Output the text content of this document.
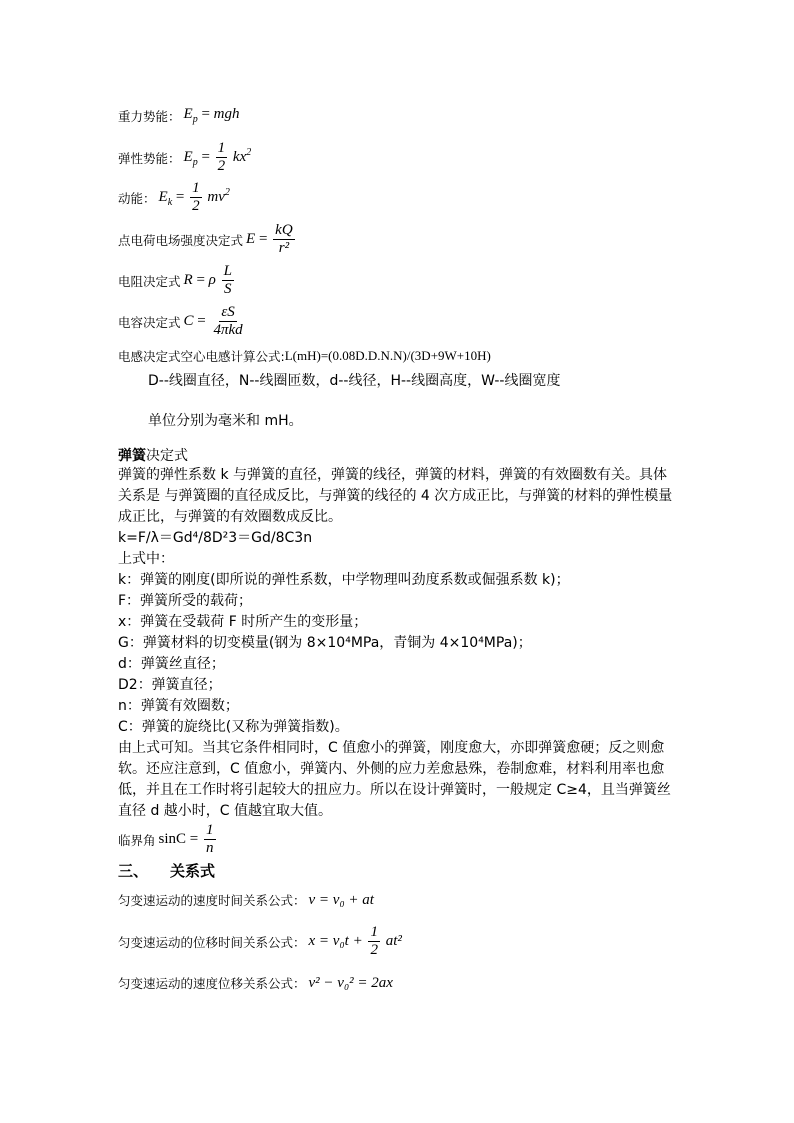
重力势能： $E_p$ = mgh
弹性势能： $E_p = \frac{1}{2} kx^2$
动能： $E_k = \frac{1}{2} mv^2$
点电荷电场强度决定式 $E = \frac{kQ}{\text{r²}}$
电阻决定式 R = ρ $\frac{L}{S}$
电容决定式 $C = \frac{\varepsilon S}{\text{4πkd}}$
电感决定式空心电感计算公式: L(mH)=(0.08D.D.N.N)/(3D+9W+10H)
D--线圈直径，N--线圈匝数，d--线径，H--线圈高度，W--线圈宽度
单位分别为毫米和 mH。
弹簧 决定式
弹簧的弹性系数 k 与弹簧的直径，弹簧的线径，弹簧的材料，弹簧的有效圈数有关。具体关系是 与弹簧圈的直径成反比，与弹簧的线径的 4 次方成正比，与弹簧的材料的弹性模量成正比，与弹簧的有效圈数成反比。
k=F/λ＝Gd⁴/8D²3＝Gd/8C3n
上式中：
k：弹簧的刚度(即所说的弹性系数，中学物理叫劲度系数或倔强系数 k)；
F：弹簧所受的载荷；
x：弹簧在受载荷 F 时所产生的变形量；
G：弹簧材料的切变模量(钢为 8×10⁴MPa，青铜为 4×10⁴MPa)；
d：弹簧丝直径；
D2：弹簧直径；
n：弹簧有效圈数；
C：弹簧的旋绕比(又称为弹簧指数)。
由上式可知。当其它条件相同时，C 值愈小的弹簧，刚度愈大，亦即弹簧愈硬；反之则愈软。还应注意到，C 值愈小，弹簧内、外侧的应力差愈悬殊，卷制愈难，材料利用率也愈低，并且在工作时将引起较大的扭应力。所以在设计弹簧时，一般规定 C≥4，且当弹簧丝直径 d 越小时，C 值越宜取大值。
临界角 $\sin C = \frac{1}{n}$
三、 关系式
匀变速运动的速度时间关系公式： v = v₀ + at
匀变速运动的位移时间关系公式： $x = v_0t + \frac{1}{2} at^2$
匀变速运动的速度位移关系公式： v² − v₀² = 2ax
